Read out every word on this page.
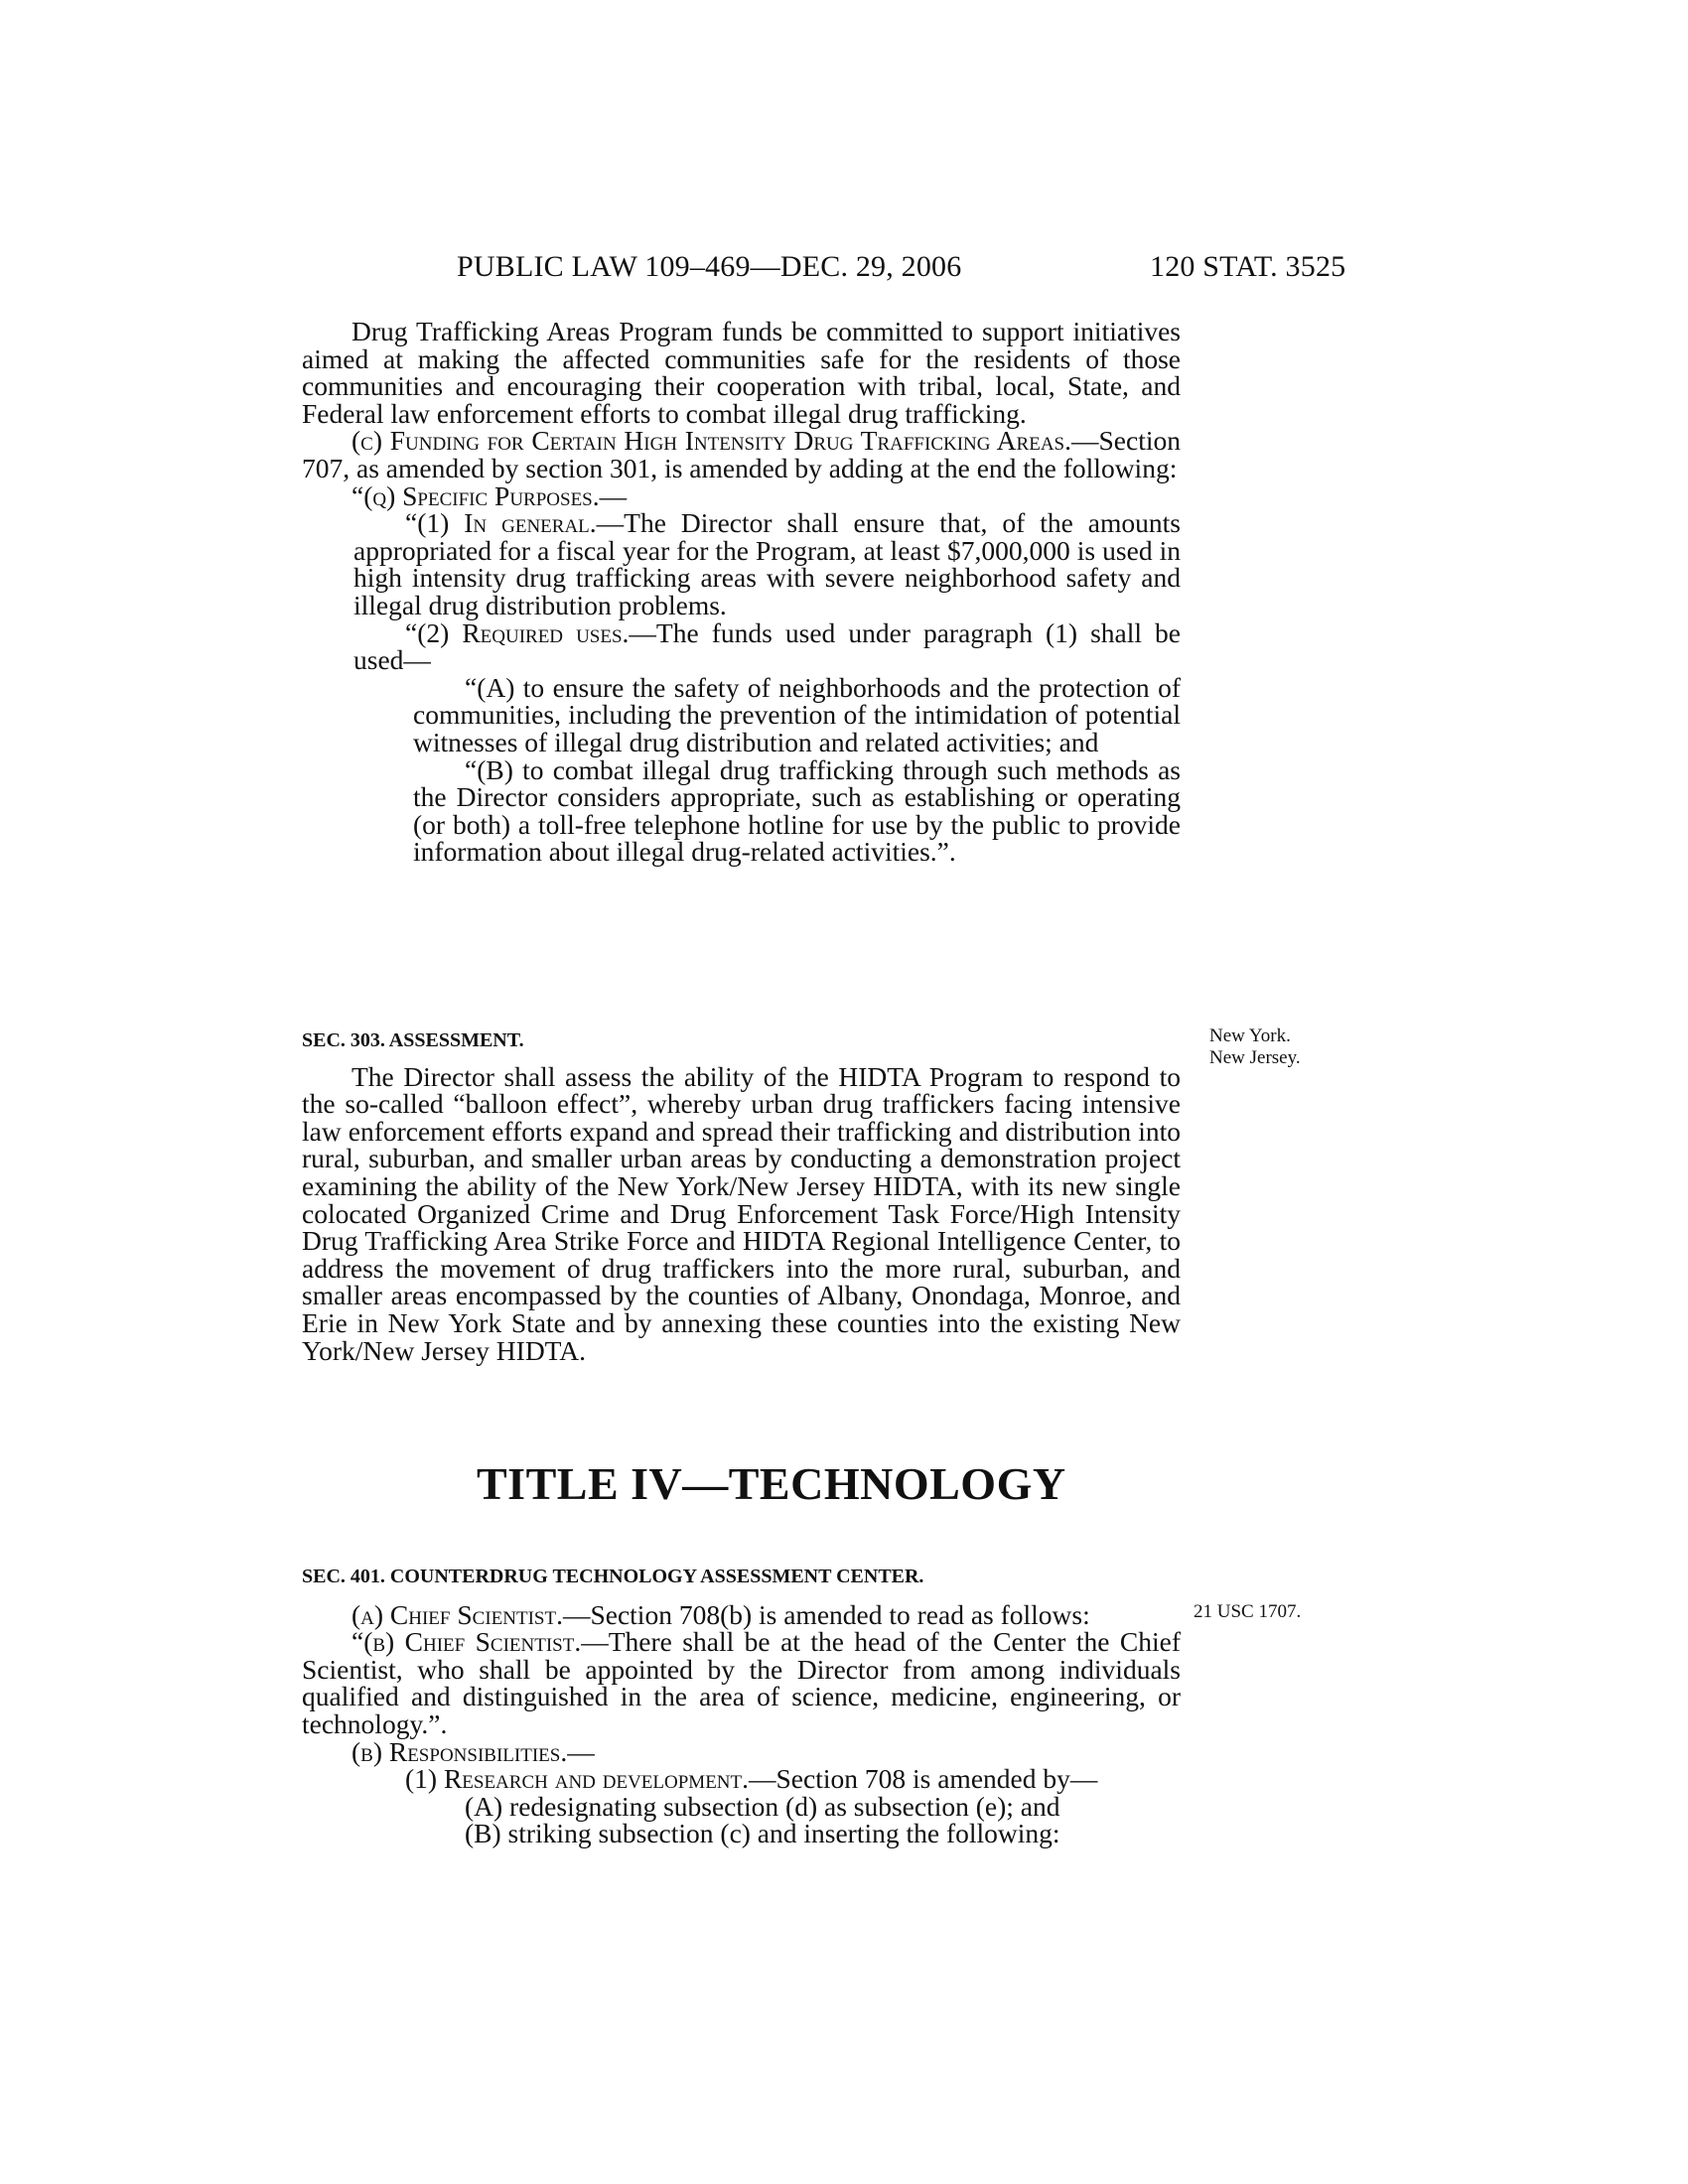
PUBLIC LAW 109–469—DEC. 29, 2006	120 STAT. 3525

Drug Trafficking Areas Program funds be committed to support initiatives aimed at making the affected communities safe for the residents of those communities and encouraging their cooperation with tribal, local, State, and Federal law enforcement efforts to combat illegal drug trafficking.

(c) Funding for Certain High Intensity Drug Trafficking Areas.—Section 707, as amended by section 301, is amended by adding at the end the following:

“(q) Specific Purposes.—

“(1) In general.—The Director shall ensure that, of the amounts appropriated for a fiscal year for the Program, at least $7,000,000 is used in high intensity drug trafficking areas with severe neighborhood safety and illegal drug distribution problems.

“(2) Required uses.—The funds used under paragraph (1) shall be used—

“(A) to ensure the safety of neighborhoods and the protection of communities, including the prevention of the intimidation of potential witnesses of illegal drug distribution and related activities; and

“(B) to combat illegal drug trafficking through such methods as the Director considers appropriate, such as establishing or operating (or both) a toll-free telephone hotline for use by the public to provide information about illegal drug-related activities.”.

SEC. 303. ASSESSMENT.

The Director shall assess the ability of the HIDTA Program to respond to the so-called “balloon effect”, whereby urban drug traffickers facing intensive law enforcement efforts expand and spread their trafficking and distribution into rural, suburban, and smaller urban areas by conducting a demonstration project examining the ability of the New York/New Jersey HIDTA, with its new single colocated Organized Crime and Drug Enforcement Task Force/High Intensity Drug Trafficking Area Strike Force and HIDTA Regional Intelligence Center, to address the movement of drug traffickers into the more rural, suburban, and smaller areas encompassed by the counties of Albany, Onondaga, Monroe, and Erie in New York State and by annexing these counties into the existing New York/New Jersey HIDTA.

New York.
New Jersey.
TITLE IV—TECHNOLOGY

SEC. 401. COUNTERDRUG TECHNOLOGY ASSESSMENT CENTER.

(a) Chief Scientist.—Section 708(b) is amended to read as follows:

“(b) Chief Scientist.—There shall be at the head of the Center the Chief Scientist, who shall be appointed by the Director from among individuals qualified and distinguished in the area of science, medicine, engineering, or technology.”.

(b) Responsibilities.—

(1) Research and development.—Section 708 is amended by—

(A) redesignating subsection (d) as subsection (e); and

(B) striking subsection (c) and inserting the following:

21 USC 1707.
